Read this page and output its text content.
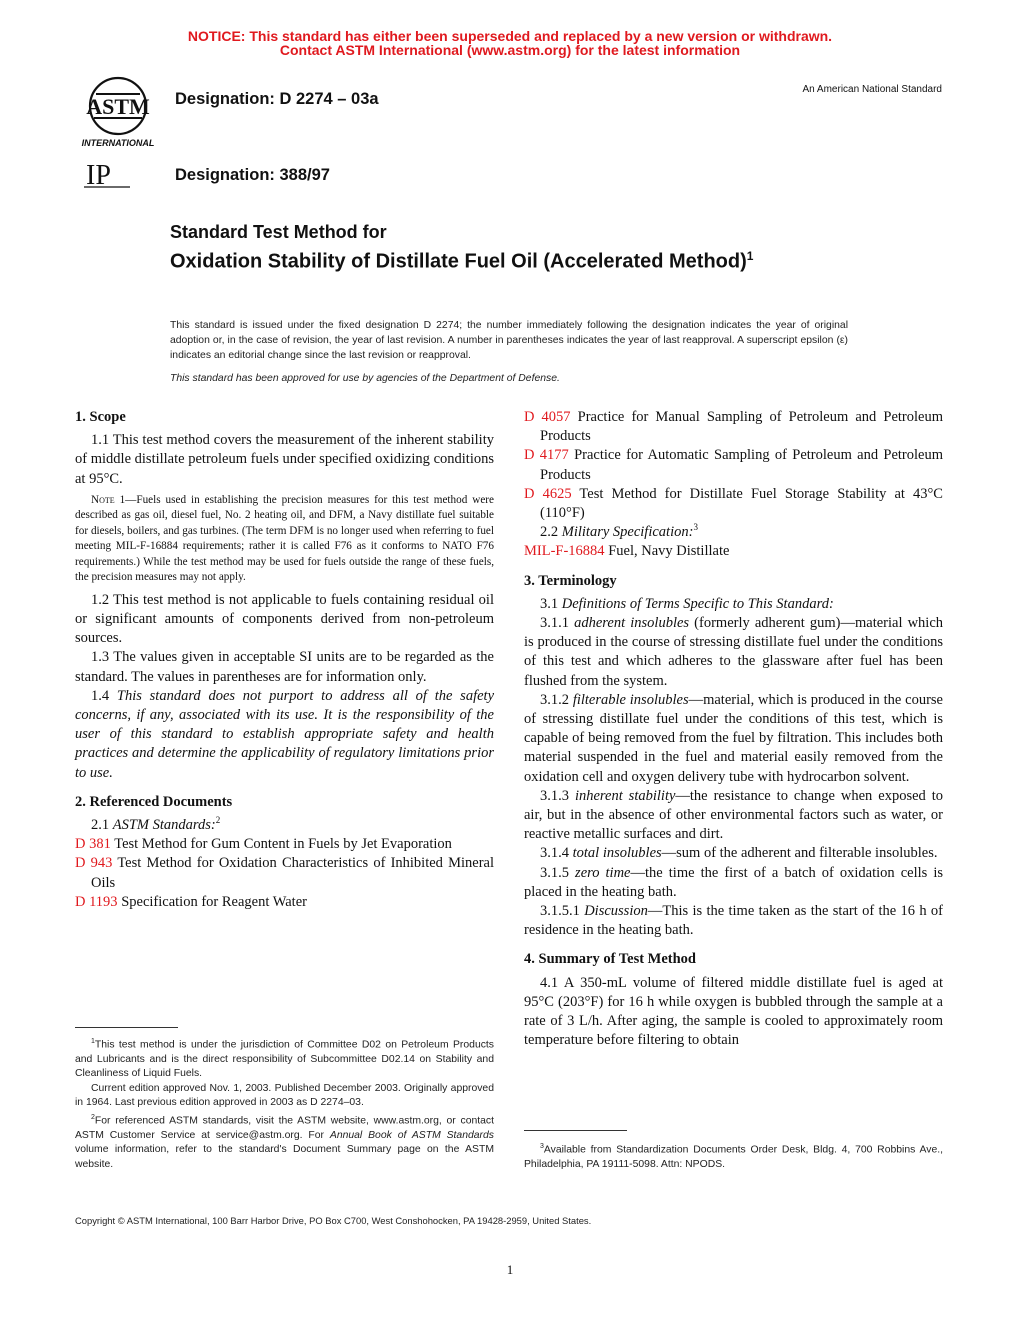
NOTICE: This standard has either been superseded and replaced by a new version or withdrawn.
Contact ASTM International (www.astm.org) for the latest information
ASTM
INTERNATIONAL
Designation: D 2274 – 03a
An American National Standard
IP	Designation: 388/97
Standard Test Method for
Oxidation Stability of Distillate Fuel Oil (Accelerated Method)$^1$
This standard is issued under the fixed designation D 2274; the number immediately following the designation indicates the year of original adoption or, in the case of revision, the year of last revision. A number in parentheses indicates the year of last reapproval. A superscript epsilon (ε) indicates an editorial change since the last revision or reapproval.
This standard has been approved for use by agencies of the Department of Defense.

1. Scope

1.1 This test method covers the measurement of the inherent stability of middle distillate petroleum fuels under specified oxidizing conditions at 95°C.

Note 1—Fuels used in establishing the precision measures for this test method were described as gas oil, diesel fuel, No. 2 heating oil, and DFM, a Navy distillate fuel suitable for diesels, boilers, and gas turbines. (The term DFM is no longer used when referring to fuel meeting MIL-F-16884 requirements; rather it is called F76 as it conforms to NATO F76 requirements.) While the test method may be used for fuels outside the range of these fuels, the precision measures may not apply.

1.2 This test method is not applicable to fuels containing residual oil or significant amounts of components derived from non-petroleum sources.

1.3 The values given in acceptable SI units are to be regarded as the standard. The values in parentheses are for information only.

1.4 This standard does not purport to address all of the safety concerns, if any, associated with its use. It is the responsibility of the user of this standard to establish appropriate safety and health practices and determine the applicability of regulatory limitations prior to use.

2. Referenced Documents

2.1 ASTM Standards:$^2$

D 381 Test Method for Gum Content in Fuels by Jet Evaporation

D 943 Test Method for Oxidation Characteristics of Inhibited Mineral Oils

D 1193 Specification for Reagent Water

$^1$This test method is under the jurisdiction of Committee D02 on Petroleum Products and Lubricants and is the direct responsibility of Subcommittee D02.14 on Stability and Cleanliness of Liquid Fuels.

Current edition approved Nov. 1, 2003. Published December 2003. Originally approved in 1964. Last previous edition approved in 2003 as D 2274–03.

$^2$For referenced ASTM standards, visit the ASTM website, www.astm.org, or contact ASTM Customer Service at service@astm.org. For Annual Book of ASTM Standards volume information, refer to the standard's Document Summary page on the ASTM website.

D 4057 Practice for Manual Sampling of Petroleum and Petroleum Products

D 4177 Practice for Automatic Sampling of Petroleum and Petroleum Products

D 4625 Test Method for Distillate Fuel Storage Stability at 43°C (110°F)

2.2 Military Specification:$^3$

MIL-F-16884 Fuel, Navy Distillate

3. Terminology

3.1 Definitions of Terms Specific to This Standard:

3.1.1 adherent insolubles (formerly adherent gum)—material which is produced in the course of stressing distillate fuel under the conditions of this test and which adheres to the glassware after fuel has been flushed from the system.

3.1.2 filterable insolubles—material, which is produced in the course of stressing distillate fuel under the conditions of this test, which is capable of being removed from the fuel by filtration. This includes both material suspended in the fuel and material easily removed from the oxidation cell and oxygen delivery tube with hydrocarbon solvent.

3.1.3 inherent stability—the resistance to change when exposed to air, but in the absence of other environmental factors such as water, or reactive metallic surfaces and dirt.

3.1.4 total insolubles—sum of the adherent and filterable insolubles.

3.1.5 zero time—the time the first of a batch of oxidation cells is placed in the heating bath.

3.1.5.1 Discussion—This is the time taken as the start of the 16 h of residence in the heating bath.

4. Summary of Test Method

4.1 A 350-mL volume of filtered middle distillate fuel is aged at 95°C (203°F) for 16 h while oxygen is bubbled through the sample at a rate of 3 L/h. After aging, the sample is cooled to approximately room temperature before filtering to obtain

$^3$Available from Standardization Documents Order Desk, Bldg. 4, 700 Robbins Ave., Philadelphia, PA 19111-5098. Attn: NPODS.

Copyright © ASTM International, 100 Barr Harbor Drive, PO Box C700, West Conshohocken, PA 19428-2959, United States.
1
